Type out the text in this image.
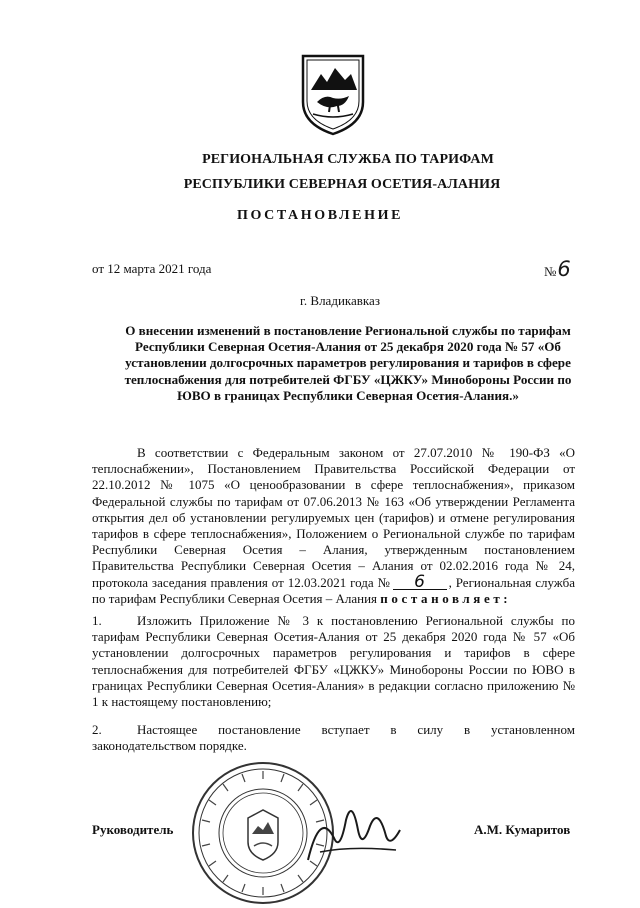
РЕГИОНАЛЬНАЯ СЛУЖБА ПО ТАРИФАМ
РЕСПУБЛИКИ СЕВЕРНАЯ ОСЕТИЯ-АЛАНИЯ
ПОСТАНОВЛЕНИЕ
от 12 марта 2021 года	№6
г. Владикавказ
О внесении изменений в постановление Региональной службы по тарифам Республики Северная Осетия-Алания от 25 декабря 2020 года № 57 «Об установлении долгосрочных параметров регулирования и тарифов в сфере теплоснабжения для потребителей ФГБУ «ЦЖКУ» Минобороны России по ЮВО в границах Республики Северная Осетия-Алания.»
В соответствии с Федеральным законом от 27.07.2010 № 190-ФЗ «О теплоснабжении», Постановлением Правительства Российской Федерации от 22.10.2012 № 1075 «О ценообразовании в сфере теплоснабжения», приказом Федеральной службы по тарифам от 07.06.2013 № 163 «Об утверждении Регламента открытия дел об установлении регулируемых цен (тарифов) и отмене регулирования тарифов в сфере теплоснабжения», Положением о Региональной службе по тарифам Республики Северная Осетия – Алания, утвержденным постановлением Правительства Республики Северная Осетия – Алания от 02.02.2016 года № 24, протокола заседания правления от 12.03.2021 года № 6 , Региональная служба по тарифам Республики Северная Осетия – Алания постановляет:
1.	Изложить Приложение № 3 к постановлению Региональной службы по тарифам Республики Северная Осетия-Алания от 25 декабря 2020 года № 57 «Об установлении долгосрочных параметров регулирования и тарифов в сфере теплоснабжения для потребителей ФГБУ «ЦЖКУ» Минобороны России по ЮВО в границах Республики Северная Осетия-Алания» в редакции согласно приложению № 1 к настоящему постановлению;
2.	Настоящее постановление вступает в силу в установленном законодательством порядке.
Руководитель	А.М. Кумаритов
